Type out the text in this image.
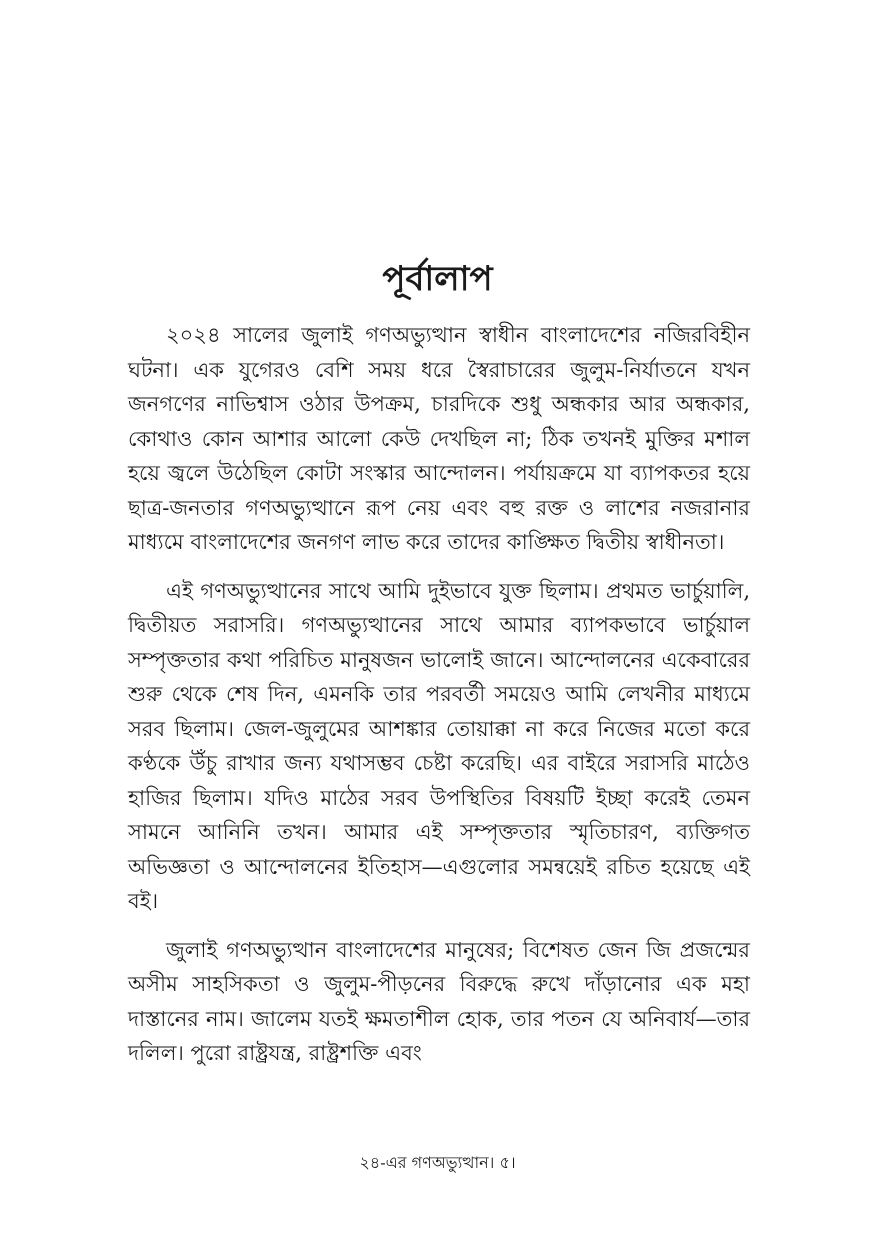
পূর্বালাপ

২০২৪ সালের জুলাই গণঅভ্যুত্থান স্বাধীন বাংলাদেশের নজিরবিহীন ঘটনা। এক যুগেরও বেশি সময় ধরে স্বৈরাচারের জুলুম-নির্যাতনে যখন জনগণের নাভিশ্বাস ওঠার উপক্রম, চারদিকে শুধু অন্ধকার আর অন্ধকার, কোথাও কোন আশার আলো কেউ দেখছিল না; ঠিক তখনই মুক্তির মশাল হয়ে জ্বলে উঠেছিল কোটা সংস্কার আন্দোলন। পর্যায়ক্রমে যা ব্যাপকতর হয়ে ছাত্র-জনতার গণঅভ্যুত্থানে রূপ নেয় এবং বহু রক্ত ও লাশের নজরানার মাধ্যমে বাংলাদেশের জনগণ লাভ করে তাদের কাঙ্ক্ষিত দ্বিতীয় স্বাধীনতা।

এই গণঅভ্যুত্থানের সাথে আমি দুইভাবে যুক্ত ছিলাম। প্রথমত ভার্চুয়ালি, দ্বিতীয়ত সরাসরি। গণঅভ্যুত্থানের সাথে আমার ব্যাপকভাবে ভার্চুয়াল সম্পৃক্ততার কথা পরিচিত মানুষজন ভালোই জানে। আন্দোলনের একেবারের শুরু থেকে শেষ দিন, এমনকি তার পরবর্তী সময়েও আমি লেখনীর মাধ্যমে সরব ছিলাম। জেল-জুলুমের আশঙ্কার তোয়াক্কা না করে নিজের মতো করে কণ্ঠকে উঁচু রাখার জন্য যথাসম্ভব চেষ্টা করেছি। এর বাইরে সরাসরি মাঠেও হাজির ছিলাম। যদিও মাঠের সরব উপস্থিতির বিষয়টি ইচ্ছা করেই তেমন সামনে আনিনি তখন। আমার এই সম্পৃক্ততার স্মৃতিচারণ, ব্যক্তিগত অভিজ্ঞতা ও আন্দোলনের ইতিহাস—এগুলোর সমন্বয়েই রচিত হয়েছে এই বই।

জুলাই গণঅভ্যুত্থান বাংলাদেশের মানুষের; বিশেষত জেন জি প্রজন্মের অসীম সাহসিকতা ও জুলুম-পীড়নের বিরুদ্ধে রুখে দাঁড়ানোর এক মহা দাস্তানের নাম। জালেম যতই ক্ষমতাশীল হোক, তার পতন যে অনিবার্য—তার দলিল। পুরো রাষ্ট্রযন্ত্র, রাষ্ট্রশক্তি এবং

২৪-এর গণঅভ্যুত্থান। ৫।
